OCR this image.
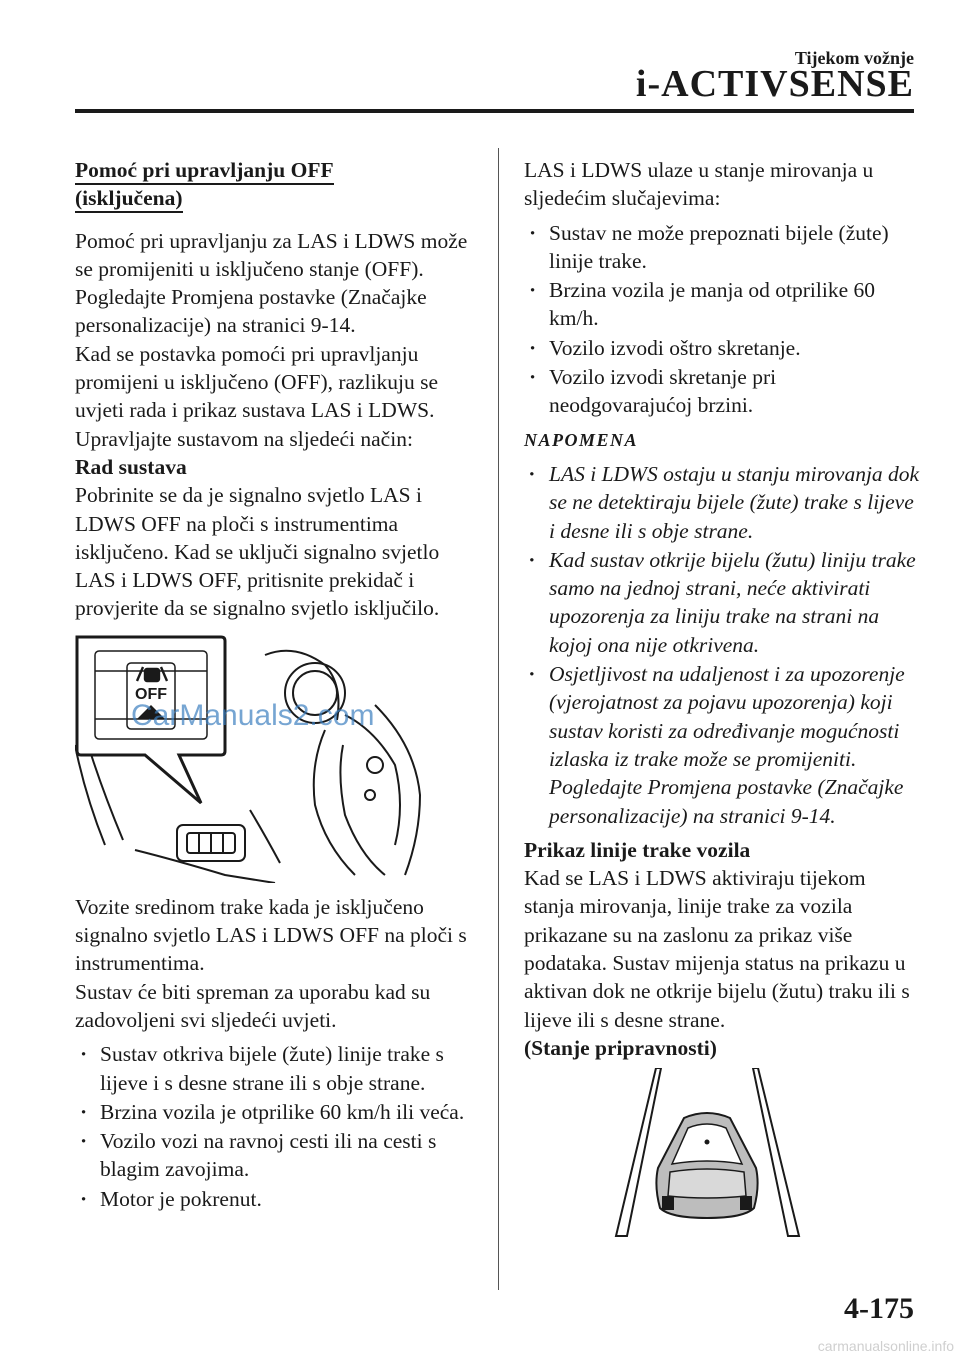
Tijekom vožnje
i-ACTIVSENSE
Pomoć pri upravljanju OFF
(isključena)

Pomoć pri upravljanju za LAS i LDWS može se promijeniti u isključeno stanje (OFF).

Pogledajte Promjena postavke (Značajke personalizacije) na stranici 9-14.

Kad se postavka pomoći pri upravljanju promijeni u isključeno (OFF), razlikuju se uvjeti rada i prikaz sustava LAS i LDWS.

Upravljajte sustavom na sljedeći način:

Rad sustava

Pobrinite se da je signalno svjetlo LAS i LDWS OFF na ploči s instrumentima isključeno. Kad se uključi signalno svjetlo LAS i LDWS OFF, pritisnite prekidač i provjerite da se signalno svjetlo isključilo.

OFF
CarManuals2.com

Vozite sredinom trake kada je isključeno signalno svjetlo LAS i LDWS OFF na ploči s instrumentima.

Sustav će biti spreman za uporabu kad su zadovoljeni svi sljedeći uvjeti.

· Sustav otkriva bijele (žute) linije trake s lijeve i s desne strane ili s obje strane.
· Brzina vozila je otprilike 60 km/h ili veća.
· Vozilo vozi na ravnoj cesti ili na cesti s blagim zavojima.
· Motor je pokrenut.

LAS i LDWS ulaze u stanje mirovanja u sljedećim slučajevima:

· Sustav ne može prepoznati bijele (žute) linije trake.
· Brzina vozila je manja od otprilike 60 km/h.
· Vozilo izvodi oštro skretanje.
· Vozilo izvodi skretanje pri neodgovarajućoj brzini.

NAPOMENA

· LAS i LDWS ostaju u stanju mirovanja dok se ne detektiraju bijele (žute) trake s lijeve i desne ili s obje strane.
· Kad sustav otkrije bijelu (žutu) liniju trake samo na jednoj strani, neće aktivirati upozorenja za liniju trake na strani na kojoj ona nije otkrivena.
· Osjetljivost na udaljenost i za upozorenje (vjerojatnost za pojavu upozorenja) koji sustav koristi za određivanje mogućnosti izlaska iz trake može se promijeniti.
Pogledajte Promjena postavke (Značajke personalizacije) na stranici 9-14.

Prikaz linije trake vozila

Kad se LAS i LDWS aktiviraju tijekom stanja mirovanja, linije trake za vozila prikazane su na zaslonu za prikaz više podataka. Sustav mijenja status na prikazu u aktivan dok ne otkrije bijelu (žutu) traku ili s lijeve ili s desne strane.

(Stanje pripravnosti)

4-175
carmanualsonline.info
